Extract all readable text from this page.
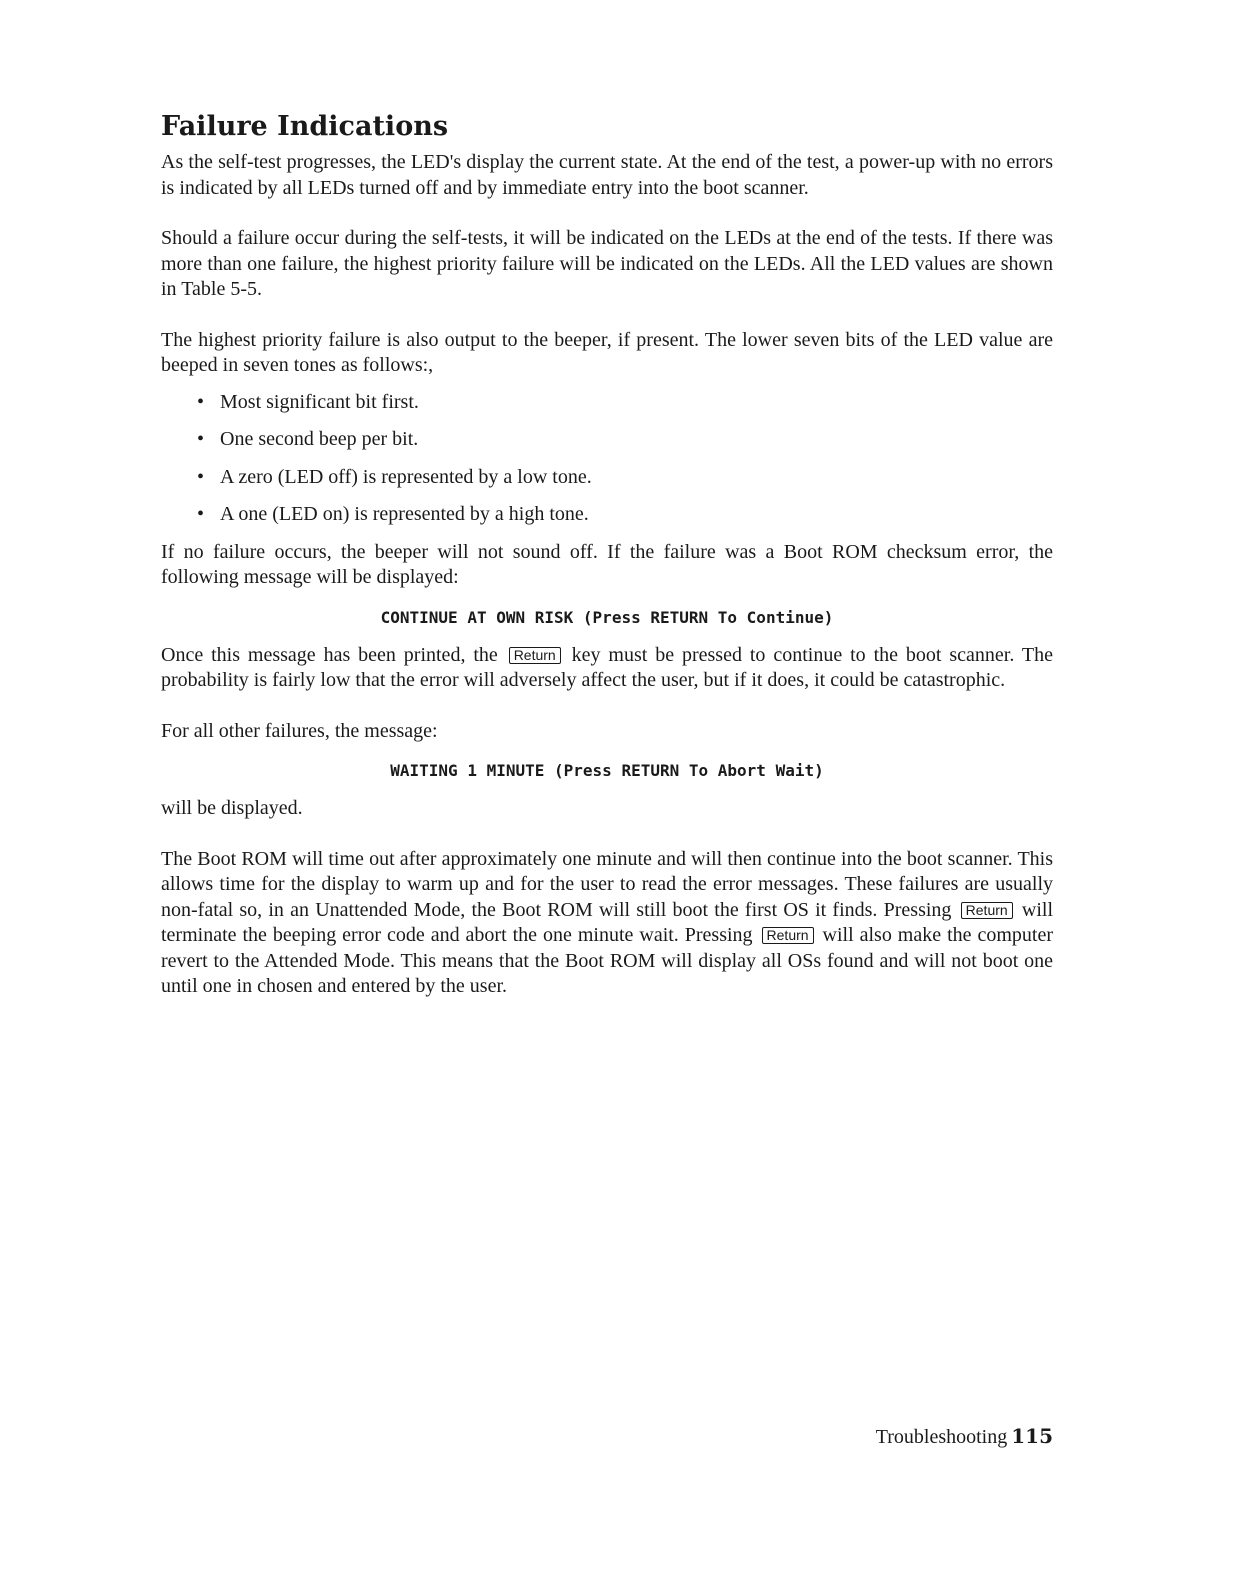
Failure Indications

As the self-test progresses, the LED's display the current state. At the end of the test, a power-up with no errors is indicated by all LEDs turned off and by immediate entry into the boot scanner.

Should a failure occur during the self-tests, it will be indicated on the LEDs at the end of the tests. If there was more than one failure, the highest priority failure will be indicated on the LEDs. All the LED values are shown in Table 5-5.

The highest priority failure is also output to the beeper, if present. The lower seven bits of the LED value are beeped in seven tones as follows:,

• Most significant bit first.
• One second beep per bit.
• A zero (LED off) is represented by a low tone.
• A one (LED on) is represented by a high tone.

If no failure occurs, the beeper will not sound off. If the failure was a Boot ROM checksum error, the following message will be displayed:

CONTINUE AT OWN RISK (Press RETURN To Continue)

Once this message has been printed, the Return key must be pressed to continue to the boot scanner. The probability is fairly low that the error will adversely affect the user, but if it does, it could be catastrophic.

For all other failures, the message:

WAITING 1 MINUTE (Press RETURN To Abort Wait)

will be displayed.

The Boot ROM will time out after approximately one minute and will then continue into the boot scanner. This allows time for the display to warm up and for the user to read the error messages. These failures are usually non-fatal so, in an Unattended Mode, the Boot ROM will still boot the first OS it finds. Pressing Return will terminate the beeping error code and abort the one minute wait. Pressing Return will also make the computer revert to the Attended Mode. This means that the Boot ROM will display all OSs found and will not boot one until one in chosen and entered by the user.

Troubleshooting 115
